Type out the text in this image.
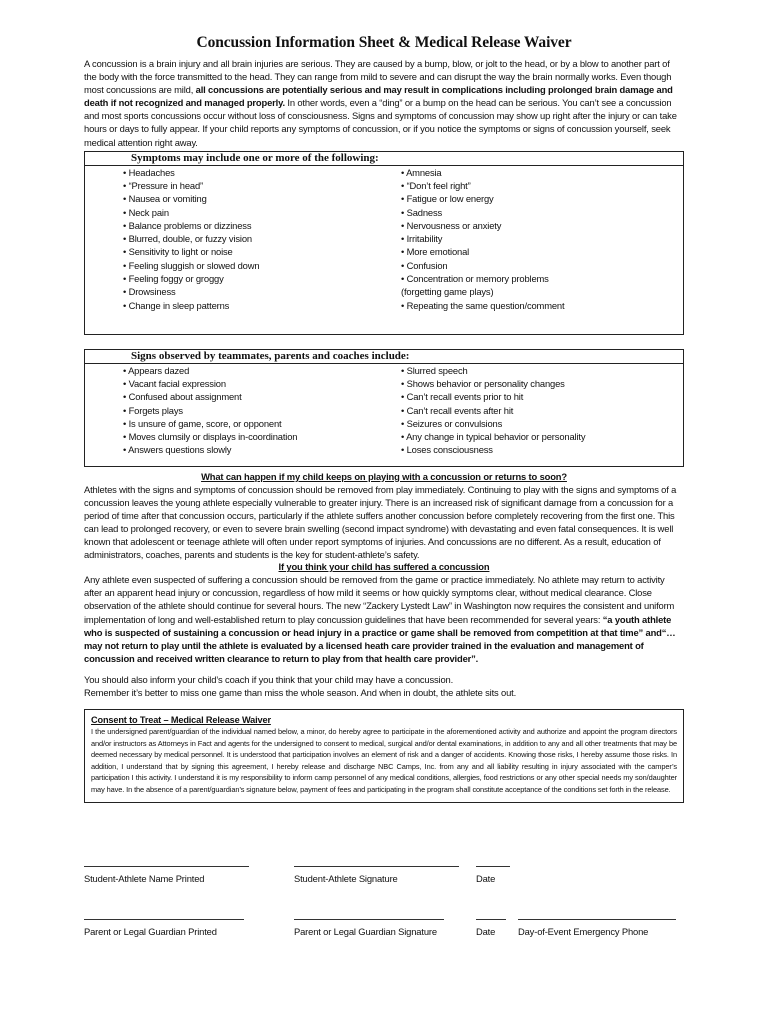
Concussion Information Sheet & Medical Release Waiver

A concussion is a brain injury and all brain injuries are serious. They are caused by a bump, blow, or jolt to the head, or by a blow to another part of the body with the force transmitted to the head. They can range from mild to severe and can disrupt the way the brain normally works. Even though most concussions are mild, all concussions are potentially serious and may result in complications including prolonged brain damage and death if not recognized and managed properly. In other words, even a “ding” or a bump on the head can be serious. You can’t see a concussion and most sports concussions occur without loss of consciousness. Signs and symptoms of concussion may show up right after the injury or can take hours or days to fully appear. If your child reports any symptoms of concussion, or if you notice the symptoms or signs of concussion yourself, seek medical attention right away.

Symptoms may include one or more of the following:
• Headaches
• “Pressure in head”
• Nausea or vomiting
• Neck pain
• Balance problems or dizziness
• Blurred, double, or fuzzy vision
• Sensitivity to light or noise
• Feeling sluggish or slowed down
• Feeling foggy or groggy
• Drowsiness
• Change in sleep patterns
• Amnesia
• “Don’t feel right”
• Fatigue or low energy
• Sadness
• Nervousness or anxiety
• Irritability
• More emotional
• Confusion
• Concentration or memory problems
(forgetting game plays)
• Repeating the same question/comment
Signs observed by teammates, parents and coaches include:
• Appears dazed
• Vacant facial expression
• Confused about assignment
• Forgets plays
• Is unsure of game, score, or opponent
• Moves clumsily or displays in-coordination
• Answers questions slowly
• Slurred speech
• Shows behavior or personality changes
• Can’t recall events prior to hit
• Can’t recall events after hit
• Seizures or convulsions
• Any change in typical behavior or personality
• Loses consciousness
What can happen if my child keeps on playing with a concussion or returns to soon?

Athletes with the signs and symptoms of concussion should be removed from play immediately. Continuing to play with the signs and symptoms of a concussion leaves the young athlete especially vulnerable to greater injury. There is an increased risk of significant damage from a concussion for a period of time after that concussion occurs, particularly if the athlete suffers another concussion before completely recovering from the first one. This can lead to prolonged recovery, or even to severe brain swelling (second impact syndrome) with devastating and even fatal consequences. It is well known that adolescent or teenage athlete will often under report symptoms of injuries. And concussions are no different. As a result, education of administrators, coaches, parents and students is the key for student-athlete’s safety.

If you think your child has suffered a concussion

Any athlete even suspected of suffering a concussion should be removed from the game or practice immediately. No athlete may return to activity after an apparent head injury or concussion, regardless of how mild it seems or how quickly symptoms clear, without medical clearance. Close observation of the athlete should continue for several hours. The new “Zackery Lystedt Law” in Washington now requires the consistent and uniform implementation of long and well-established return to play concussion guidelines that have been recommended for several years: “a youth athlete who is suspected of sustaining a concussion or head injury in a practice or game shall be removed from competition at that time” and“…may not return to play until the athlete is evaluated by a licensed heath care provider trained in the evaluation and management of concussion and received written clearance to return to play from that health care provider”.

You should also inform your child’s coach if you think that your child may have a concussion.

Remember it’s better to miss one game than miss the whole season. And when in doubt, the athlete sits out.

Consent to Treat – Medical Release Waiver

I the undersigned parent/guardian of the individual named below, a minor, do hereby agree to participate in the aforementioned activity and authorize and appoint the program directors and/or instructors as Attorneys in Fact and agents for the undersigned to consent to medical, surgical and/or dental examinations, in addition to any and all other treatments that may be deemed necessary by medical personnel. It is understood that participation involves an element of risk and a danger of accidents. Knowing those risks, I hereby assume those risks. In addition, I understand that by signing this agreement, I hereby release and discharge NBC Camps, Inc. from any and all liability resulting in injury associated with the camper’s participation I this activity. I understand it is my responsibility to inform camp personnel of any medical conditions, allergies, food restrictions or any other special needs my son/daughter may have. In the absence of a parent/guardian’s signature below, payment of fees and participating in the program shall constitute acceptance of the conditions set forth in the release.

Student-Athlete Name Printed	Student-Athlete Signature	Date
Parent or Legal Guardian Printed	Parent or Legal Guardian Signature	Date	Day-of-Event Emergency Phone
